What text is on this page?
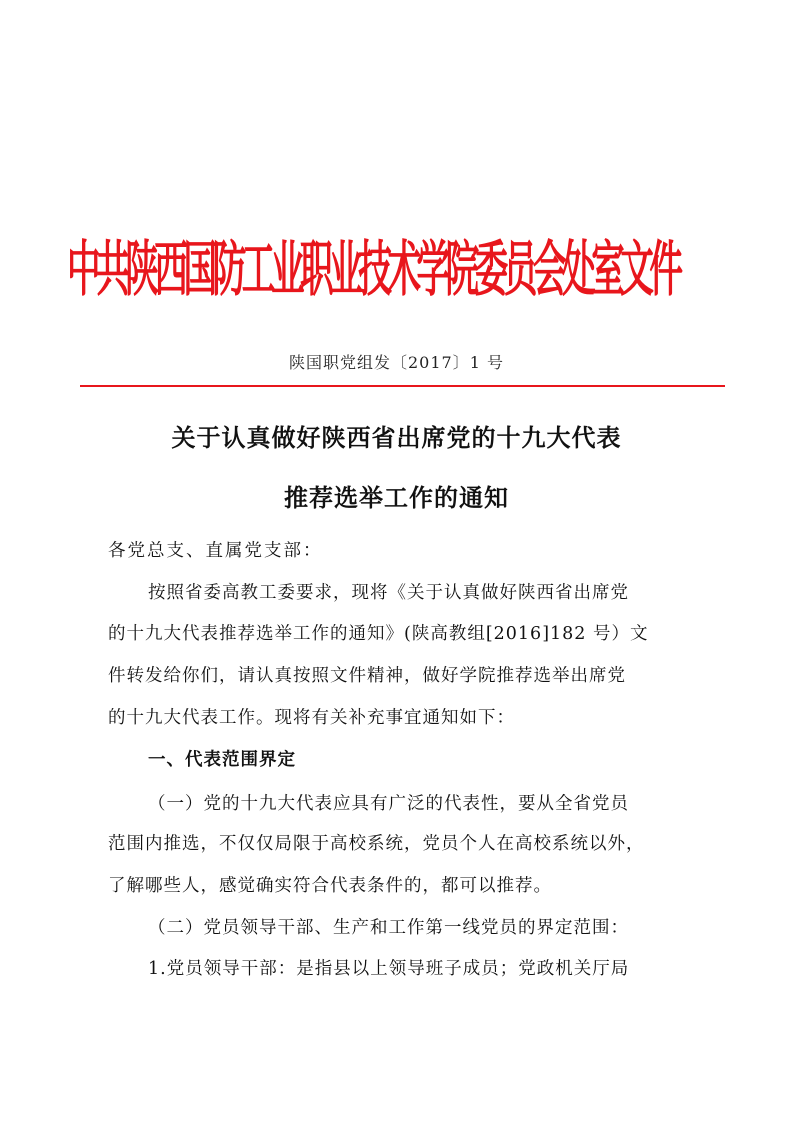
中共陕西国防工业职业技术学院委员会处室文件
陕国职党组发〔2017〕1 号
关于认真做好陕西省出席党的十九大代表
推荐选举工作的通知
各党总支、直属党支部：
按照省委高教工委要求，现将《关于认真做好陕西省出席党
的十九大代表推荐选举工作的通知》(陕高教组[2016]182 号）文
件转发给你们，请认真按照文件精神，做好学院推荐选举出席党
的十九大代表工作。现将有关补充事宜通知如下：
一、代表范围界定
（一）党的十九大代表应具有广泛的代表性，要从全省党员
范围内推选，不仅仅局限于高校系统，党员个人在高校系统以外，
了解哪些人，感觉确实符合代表条件的，都可以推荐。
（二）党员领导干部、生产和工作第一线党员的界定范围：
1.党员领导干部：是指县以上领导班子成员；党政机关厅局
